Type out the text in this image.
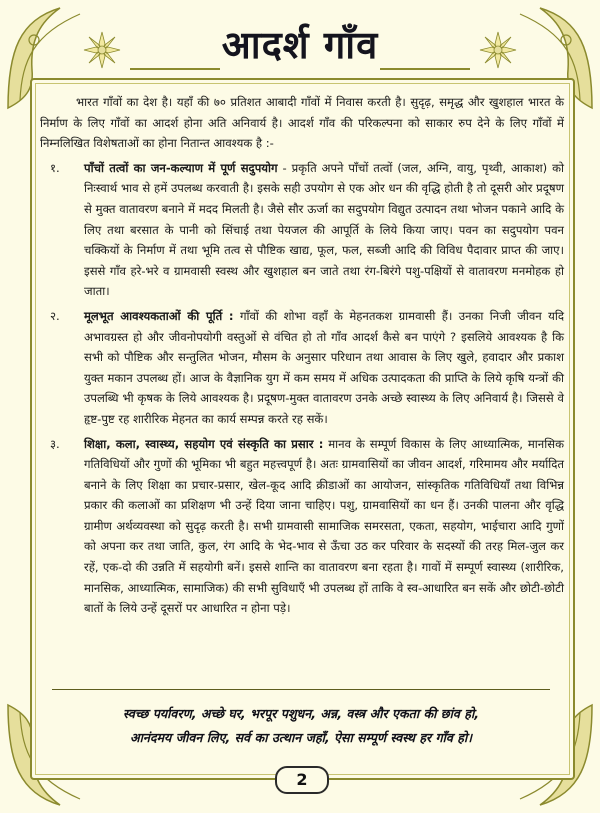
आदर्श गाँव

भारत गाँवों का देश है। यहाँ की ७० प्रतिशत आबादी गाँवों में निवास करती है। सुदृढ़, समृद्ध और खुशहाल भारत के निर्माण के लिए गाँवों का आदर्श होना अति अनिवार्य है। आदर्श गाँव की परिकल्पना को साकार रुप देने के लिए गाँवों में निम्नलिखित विशेषताओं का होना नितान्त आवश्यक है :-

१.	पाँचों तत्वों का जन-कल्याण में पूर्ण सदुपयोग - प्रकृति अपने पाँचों तत्वों (जल, अग्नि, वायु, पृथ्वी, आकाश) को निःस्वार्थ भाव से हमें उपलब्ध करवाती है। इसके सही उपयोग से एक ओर धन की वृद्धि होती है तो दूसरी ओर प्रदूषण से मुक्त वातावरण बनाने में मदद मिलती है। जैसे सौर ऊर्जा का सदुपयोग विद्युत उत्पादन तथा भोजन पकाने आदि के लिए तथा बरसात के पानी को सिंचाई तथा पेयजल की आपूर्ति के लिये किया जाए। पवन का सदुपयोग पवन चक्कियों के निर्माण में तथा भूमि तत्व से पौष्टिक खाद्य, फूल, फल, सब्जी आदि की विविध पैदावार प्राप्त की जाए। इससे गाँव हरे-भरे व ग्रामवासी स्वस्थ और खुशहाल बन जाते तथा रंग-बिरंगे पशु-पक्षियों से वातावरण मनमोहक हो जाता।
२.	मूलभूत आवश्यकताओं की पूर्ति : गाँवों की शोभा वहाँ के मेहनतकश ग्रामवासी हैं। उनका निजी जीवन यदि अभावग्रस्त हो और जीवनोपयोगी वस्तुओं से वंचित हो तो गाँव आदर्श कैसे बन पाएंगे ? इसलिये आवश्यक है कि सभी को पौष्टिक और सन्तुलित भोजन, मौसम के अनुसार परिधान तथा आवास के लिए खुले, हवादार और प्रकाश युक्त मकान उपलब्ध हों। आज के वैज्ञानिक युग में कम समय में अधिक उत्पादकता की प्राप्ति के लिये कृषि यन्त्रों की उपलब्धि भी कृषक के लिये आवश्यक है। प्रदूषण-मुक्त वातावरण उनके अच्छे स्वास्थ्य के लिए अनिवार्य है। जिससे वे हृष्ट-पुष्ट रह शारीरिक मेहनत का कार्य सम्पन्न करते रह सकें।
३.	शिक्षा, कला, स्वास्थ्य, सहयोग एवं संस्कृति का प्रसार : मानव के सम्पूर्ण विकास के लिए आध्यात्मिक, मानसिक गतिविधियों और गुणों की भूमिका भी बहुत महत्त्वपूर्ण है। अतः ग्रामवासियों का जीवन आदर्श, गरिमामय और मर्यादित बनाने के लिए शिक्षा का प्रचार-प्रसार, खेल-कूद आदि क्रीडाओं का आयोजन, सांस्कृतिक गतिविधियाँ तथा विभिन्न प्रकार की कलाओं का प्रशिक्षण भी उन्हें दिया जाना चाहिए। पशु, ग्रामवासियों का धन हैं। उनकी पालना और वृद्धि ग्रामीण अर्थव्यवस्था को सुदृढ़ करती है। सभी ग्रामवासी सामाजिक समरसता, एकता, सहयोग, भाईचारा आदि गुणों को अपना कर तथा जाति, कुल, रंग आदि के भेद-भाव से ऊँचा उठ कर परिवार के सदस्यों की तरह मिल-जुल कर रहें, एक-दो की उन्नति में सहयोगी बनें। इससे शान्ति का वातावरण बना रहता है। गावों में सम्पूर्ण स्वास्थ्य (शारीरिक, मानसिक, आध्यात्मिक, सामाजिक) की सभी सुविधाएँ भी उपलब्ध हों ताकि वे स्व-आधारित बन सकें और छोटी-छोटी बातों के लिये उन्हें दूसरों पर आधारित न होना पड़े।
स्वच्छ पर्यावरण, अच्छे घर, भरपूर पशुधन, अन्न, वस्त्र और एकता की छांव हो,
आनंदमय जीवन लिए, सर्व का उत्थान जहाँ, ऐसा सम्पूर्ण स्वस्थ हर गाँव हो।
2
